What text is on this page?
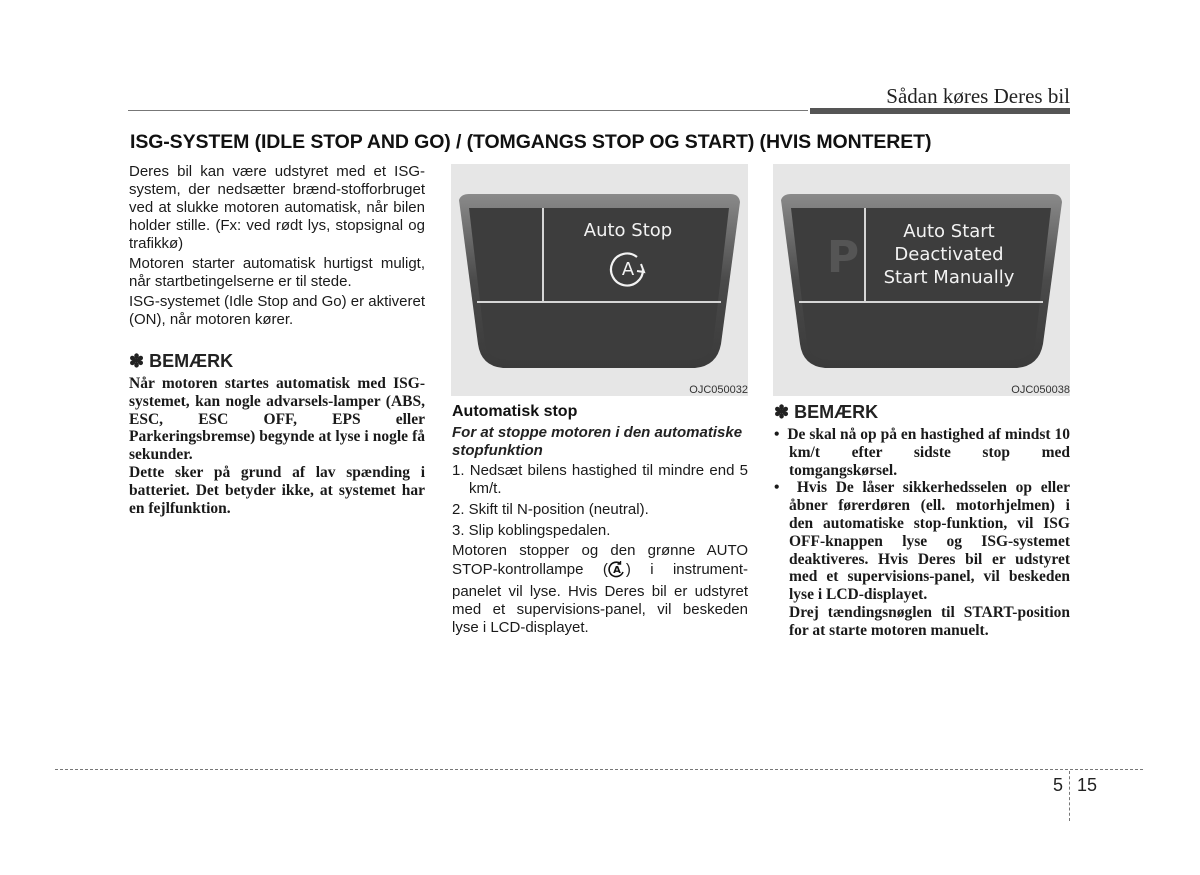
Sådan køres Deres bil
ISG-SYSTEM (IDLE STOP AND GO) / (TOMGANGS STOP OG START) (HVIS MONTERET)

Deres bil kan være udstyret med et ISG-system, der nedsætter brænd-stofforbruget ved at slukke motoren automatisk, når bilen holder stille. (Fx: ved rødt lys, stopsignal og trafikkø)

Motoren starter automatisk hurtigst muligt, når startbetingelserne er til stede.

ISG-systemet (Idle Stop and Go) er aktiveret (ON), når motoren kører.

✽ BEMÆRK

Når motoren startes automatisk med ISG-systemet, kan nogle advarsels-lamper (ABS, ESC, ESC OFF, EPS eller Parkeringsbremse) begynde at lyse i nogle få sekunder.

Dette sker på grund af lav spænding i batteriet. Det betyder ikke, at systemet har en fejlfunktion.

Auto Stop
A
OJC050032
P
Auto Start
Deactivated
Start Manually
OJC050038
Automatisk stop
For at stoppe motoren i den automatiske stopfunktion
1. Nedsæt bilens hastighed til mindre end 5 km/t.
2. Skift til N-position (neutral).
3. Slip koblingspedalen.

Motoren stopper og den grønne AUTO STOP-kontrollampe ( A ) i instrument-panelet vil lyse. Hvis Deres bil er udstyret med et supervisions-panel, vil beskeden lyse i LCD-displayet.

✽ BEMÆRK
• De skal nå op på en hastighed af mindst 10 km/t efter sidste stop med tomgangskørsel.
• Hvis De låser sikkerhedsselen op eller åbner førerdøren (ell. motorhjelmen) i den automatiske stop-funktion, vil ISG OFF-knappen lyse og ISG-systemet deaktiveres. Hvis Deres bil er udstyret med et supervisions-panel, vil beskeden lyse i LCD-displayet.

Drej tændingsnøglen til START-position for at starte motoren manuelt.

5 15
